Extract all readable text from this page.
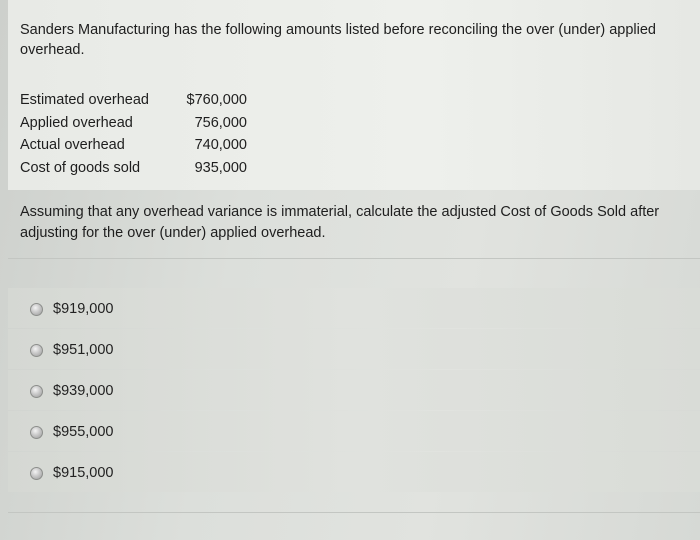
Sanders Manufacturing has the following amounts listed before reconciling the over (under) applied overhead.
Estimated overhead	$760,000
Applied overhead	756,000
Actual overhead	740,000
Cost of goods sold	935,000
Assuming that any overhead variance is immaterial, calculate the adjusted Cost of Goods Sold after adjusting for the over (under) applied overhead.
$919,000
$951,000
$939,000
$955,000
$915,000
